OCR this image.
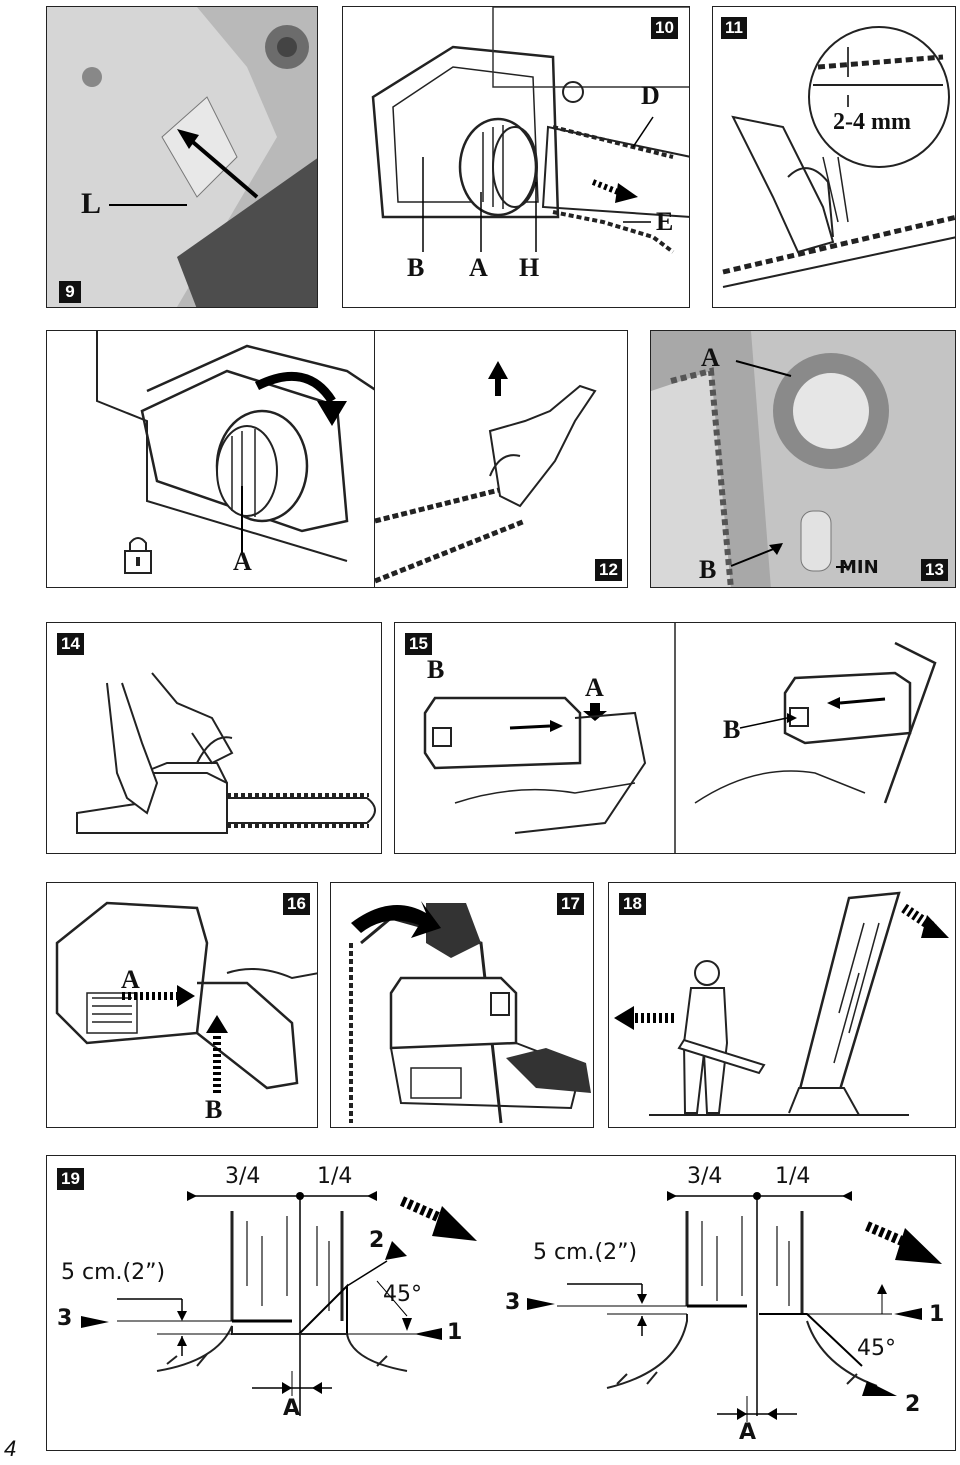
L
9
10
D
E
B A H
11
2-4 mm
A	12
A
B	MIN	13
14	15
B
A
B
16
A
B
17	18
19	3/4	1/4
5 cm.(2”)
3
2
45°
1
A
3/4 1/4
5 cm.(2”)
3	1
45°
2
A
4
